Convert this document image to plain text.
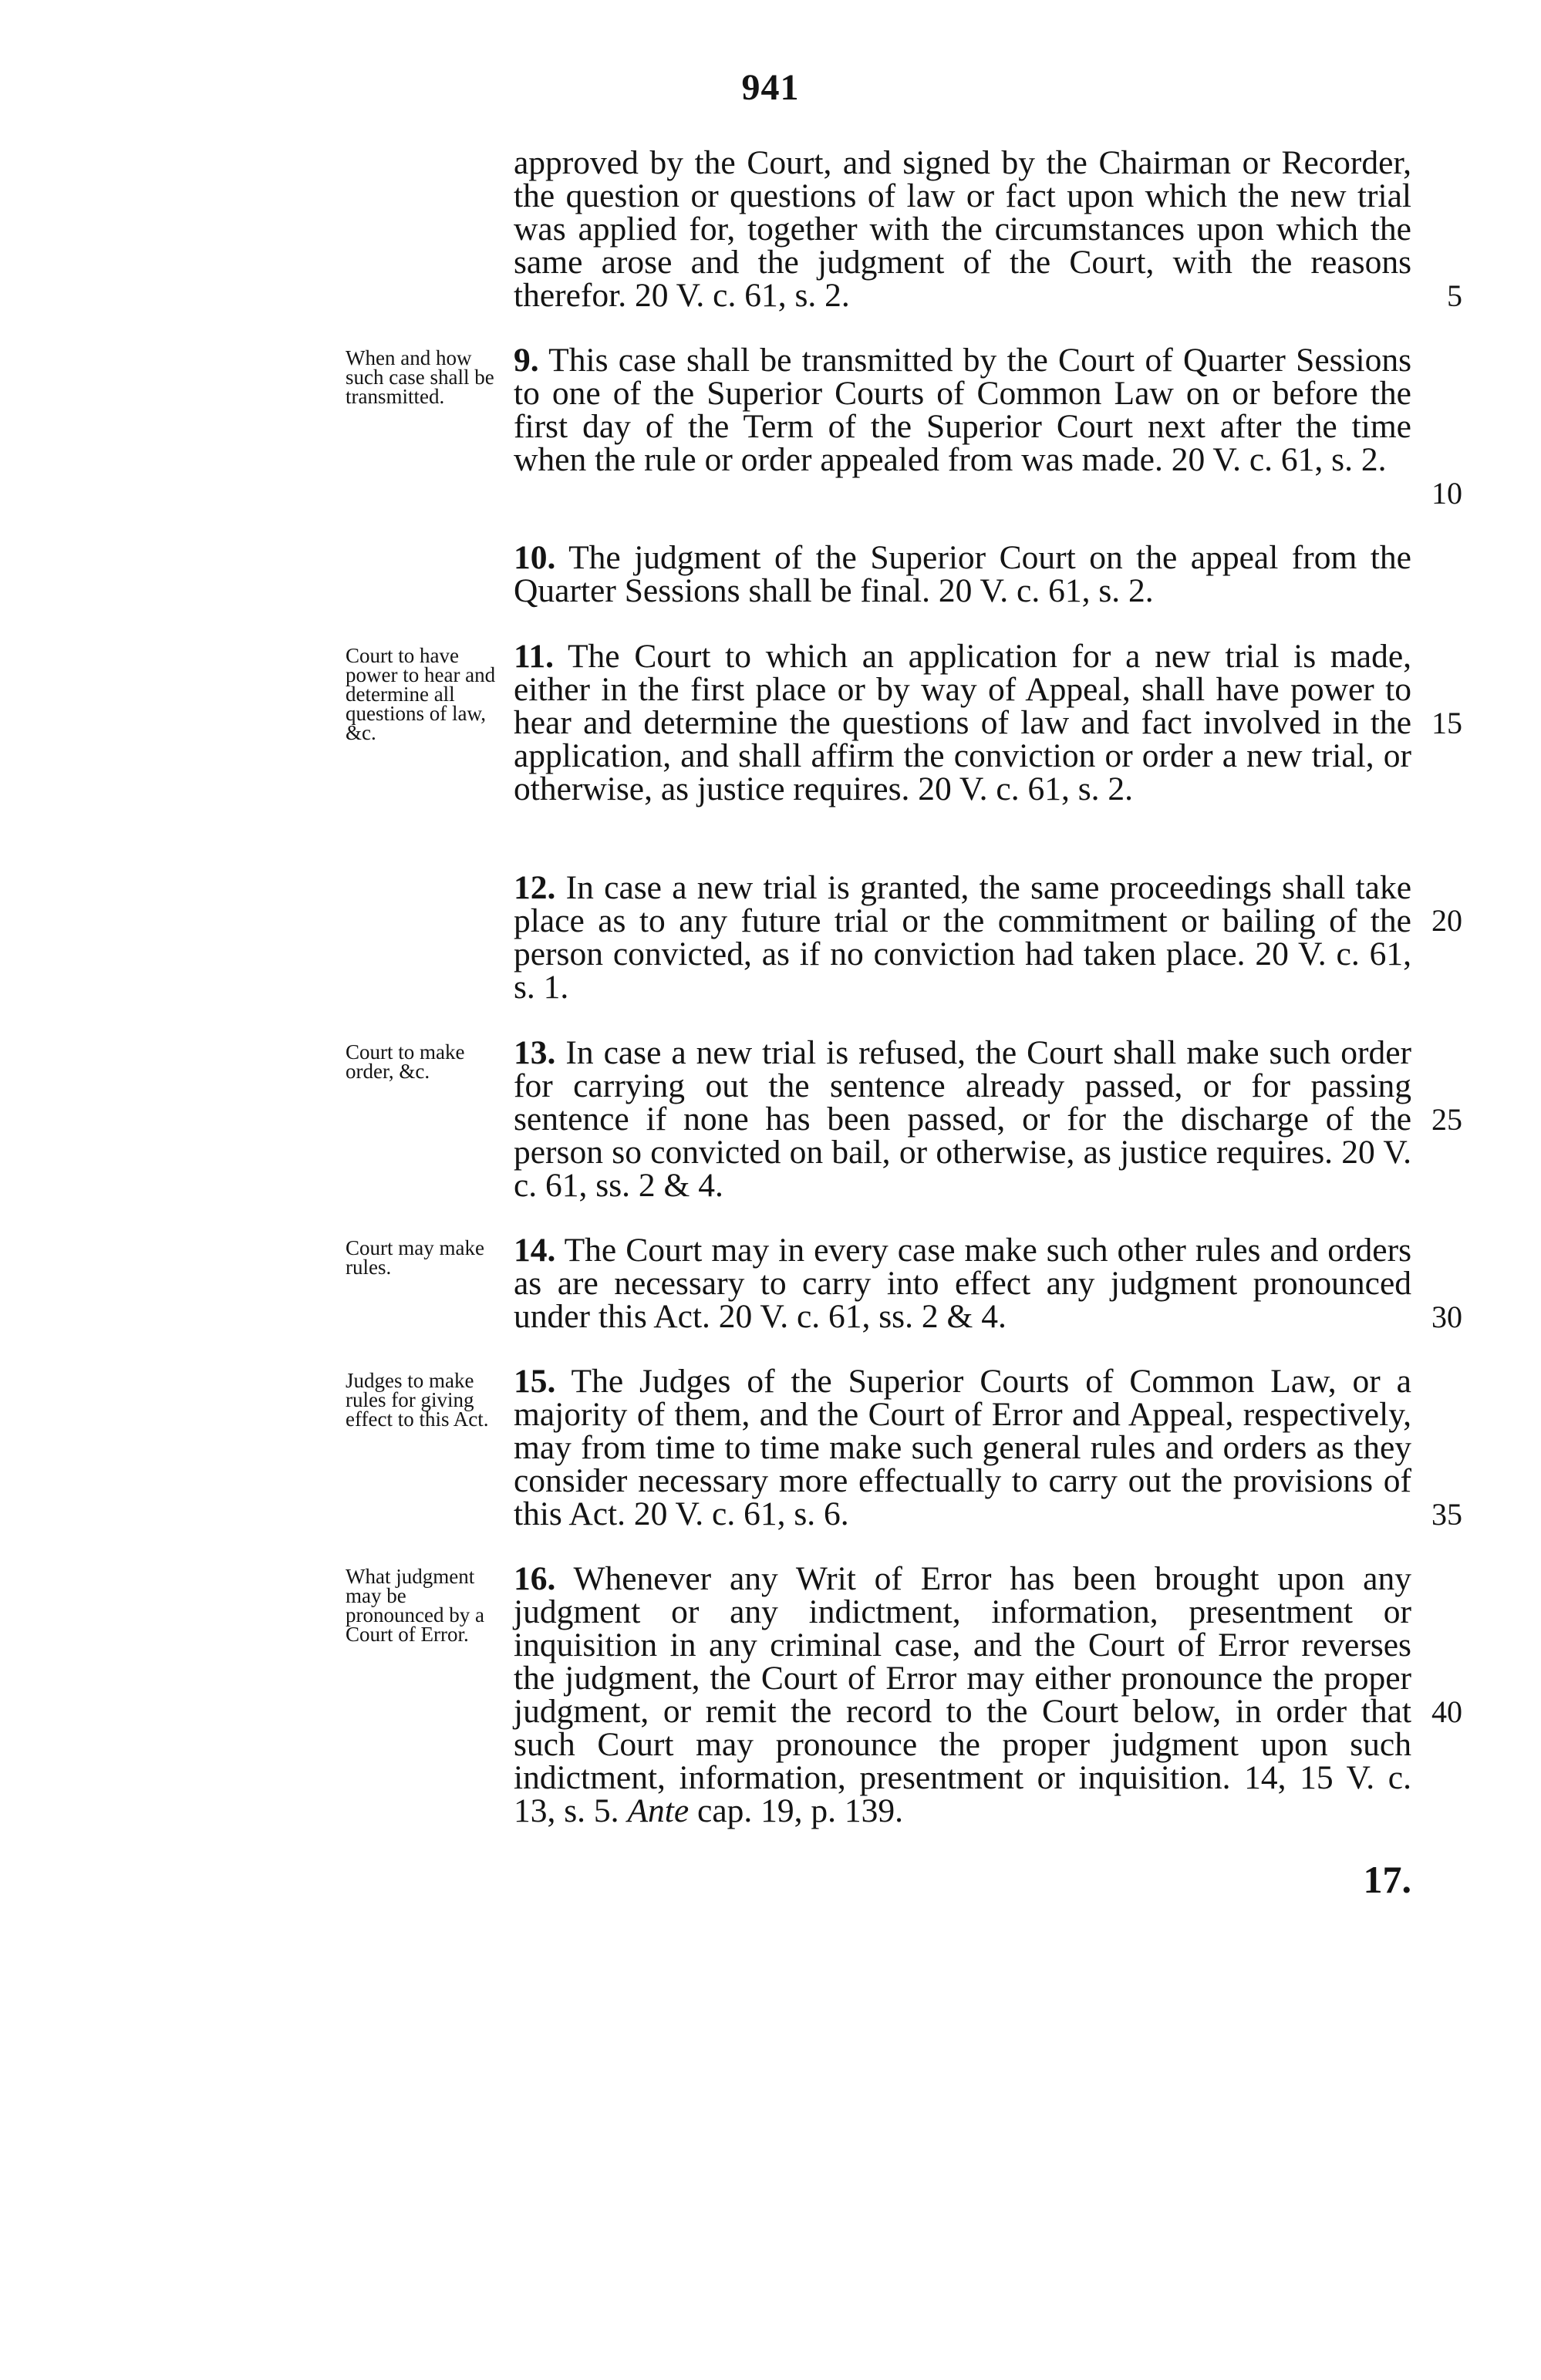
941
approved by the Court, and signed by the Chairman or Recorder, the question or questions of law or fact upon which the new trial was applied for, together with the circumstances upon which the same arose and the judgment of the Court, with the reasons therefor. 20 V. c. 61, s. 2.
9. This case shall be transmitted by the Court of Quarter Sessions to one of the Superior Courts of Common Law on or before the first day of the Term of the Superior Court next after the time when the rule or order appealed from was made. 20 V. c. 61, s. 2.
10. The judgment of the Superior Court on the appeal from the Quarter Sessions shall be final. 20 V. c. 61, s. 2.
11. The Court to which an application for a new trial is made, either in the first place or by way of Appeal, shall have power to hear and determine the questions of law and fact involved in the application, and shall affirm the conviction or order a new trial, or otherwise, as justice requires. 20 V. c. 61, s. 2.
12. In case a new trial is granted, the same proceedings shall take place as to any future trial or the commitment or bailing of the person convicted, as if no conviction had taken place. 20 V. c. 61, s. 1.
13. In case a new trial is refused, the Court shall make such order for carrying out the sentence already passed, or for passing sentence if none has been passed, or for the discharge of the person so convicted on bail, or otherwise, as justice requires. 20 V. c. 61, ss. 2 & 4.
14. The Court may in every case make such other rules and orders as are necessary to carry into effect any judgment pronounced under this Act. 20 V. c. 61, ss. 2 & 4.
15. The Judges of the Superior Courts of Common Law, or a majority of them, and the Court of Error and Appeal, respectively, may from time to time make such general rules and orders as they consider necessary more effectually to carry out the provisions of this Act. 20 V. c. 61, s. 6.
16. Whenever any Writ of Error has been brought upon any judgment or any indictment, information, presentment or inquisition in any criminal case, and the Court of Error reverses the judgment, the Court of Error may either pronounce the proper judgment, or remit the record to the Court below, in order that such Court may pronounce the proper judgment upon such indictment, information, presentment or inquisition. 14, 15 V. c. 13, s. 5. Ante cap. 19, p. 139.
When and how such case shall be transmitted.
Court to have power to hear and determine all questions of law, &c.
Court to make order, &c.
Court may make rules.
Judges to make rules for giving effect to this Act.
What judgment may be pronounced by a Court of Error.
5
10
15
20
25
30
35
40
17.
